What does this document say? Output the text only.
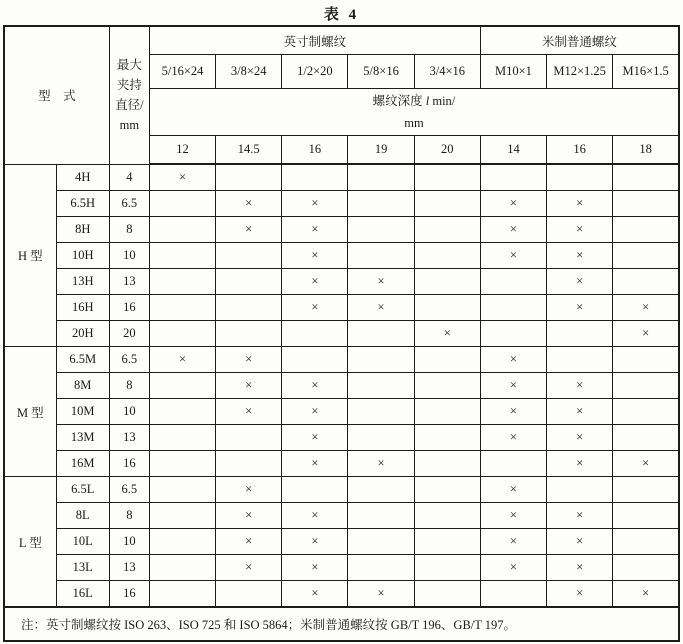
表 4
型　式		最大
夹持
直径/
mm	英寸制螺纹					米制普通螺纹		
			5/16×24	3/8×24	1/2×20	5/8×16	3/4×16	M10×1	M12×1.25	M16×1.5

			螺纹深度 l min/
mm							

			12	14.5	16	19	20	14	16	18
H 型	4H	4	×							
	6.5H	6.5		×	×			×	×	
	8H	8		×	×			×	×	
	10H	10			×			×	×	
	13H	13			×	×			×	
	16H	16			×	×			×	×
	20H	20					×			×
M 型	6.5M	6.5	×	×				×		
	8M	8		×	×			×	×	
	10M	10		×	×			×	×	
	13M	13			×			×	×	
	16M	16			×	×			×	×
L 型	6.5L	6.5		×				×		
	8L	8		×	×			×	×	
	10L	10		×	×			×	×	
	13L	13		×	×			×	×	
	16L	16			×	×			×	×
注：英寸制螺纹按 ISO 263、ISO 725 和 ISO 5864；米制普通螺纹按 GB/T 196、GB/T 197。										
